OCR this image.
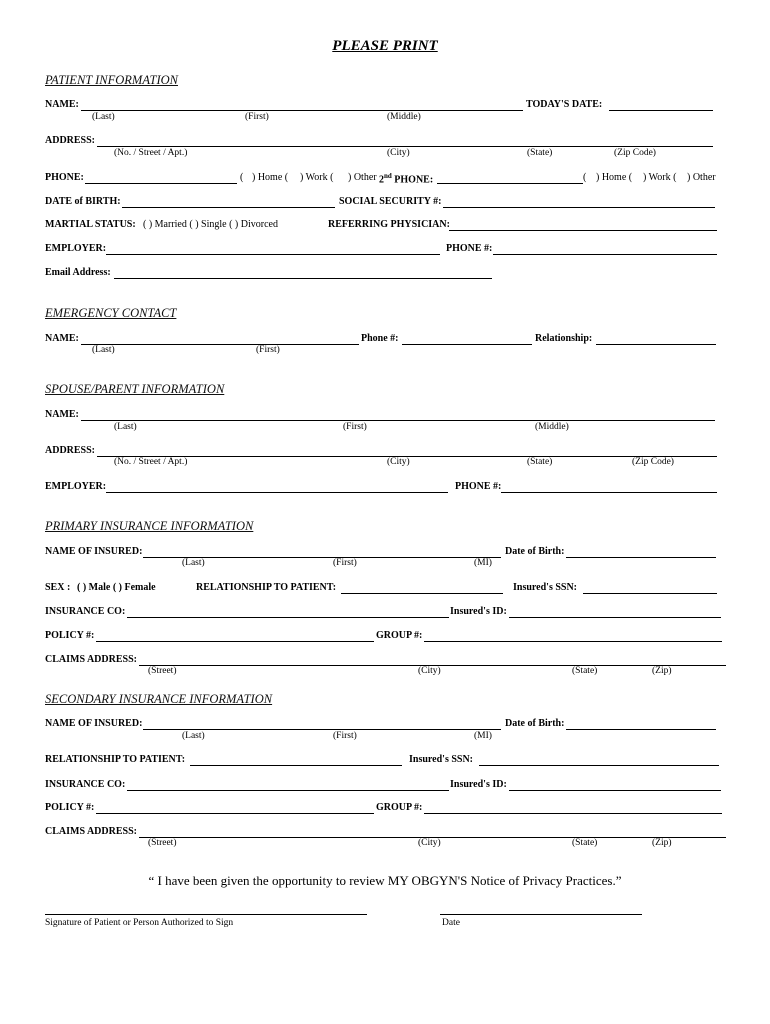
PLEASE PRINT
PATIENT INFORMATION
NAME:	TODAY'S DATE:
(Last)	(First)	(Middle)
ADDRESS:
(No. / Street / Apt.)	(City)	(State)	(Zip Code)
PHONE:	( ) Home ( ) Work ( ) Other 2nd PHONE:	( ) Home ( ) Work ( ) Other
DATE of BIRTH:	SOCIAL SECURITY #:
MARTIAL STATUS: ( ) Married ( ) Single ( ) Divorced	REFERRING PHYSICIAN:
EMPLOYER:	PHONE #:
Email Address:
EMERGENCY CONTACT
NAME:	Phone #:	Relationship:
(Last)	(First)
SPOUSE/PARENT INFORMATION
NAME:
(Last)	(First)	(Middle)
ADDRESS:
(No. / Street / Apt.)	(City)	(State)	(Zip Code)
EMPLOYER:	PHONE #:
PRIMARY INSURANCE INFORMATION
NAME OF INSURED:	Date of Birth:
(Last)	(First)	(MI)
SEX : ( ) Male ( ) Female	RELATIONSHIP TO PATIENT:	Insured's SSN:
INSURANCE CO:	Insured's ID:
POLICY #:	GROUP #:
CLAIMS ADDRESS:
(Street)	(City)	(State)	(Zip)
SECONDARY INSURANCE INFORMATION
NAME OF INSURED:	Date of Birth:
(Last)	(First)	(MI)
RELATIONSHIP TO PATIENT:	Insured's SSN:
INSURANCE CO:	Insured's ID:
POLICY #:	GROUP #:
CLAIMS ADDRESS:
(Street)	(City)	(State)	(Zip)
“ I have been given the opportunity to review MY OBGYN'S Notice of Privacy Practices.”
Signature of Patient or Person Authorized to Sign	Date
